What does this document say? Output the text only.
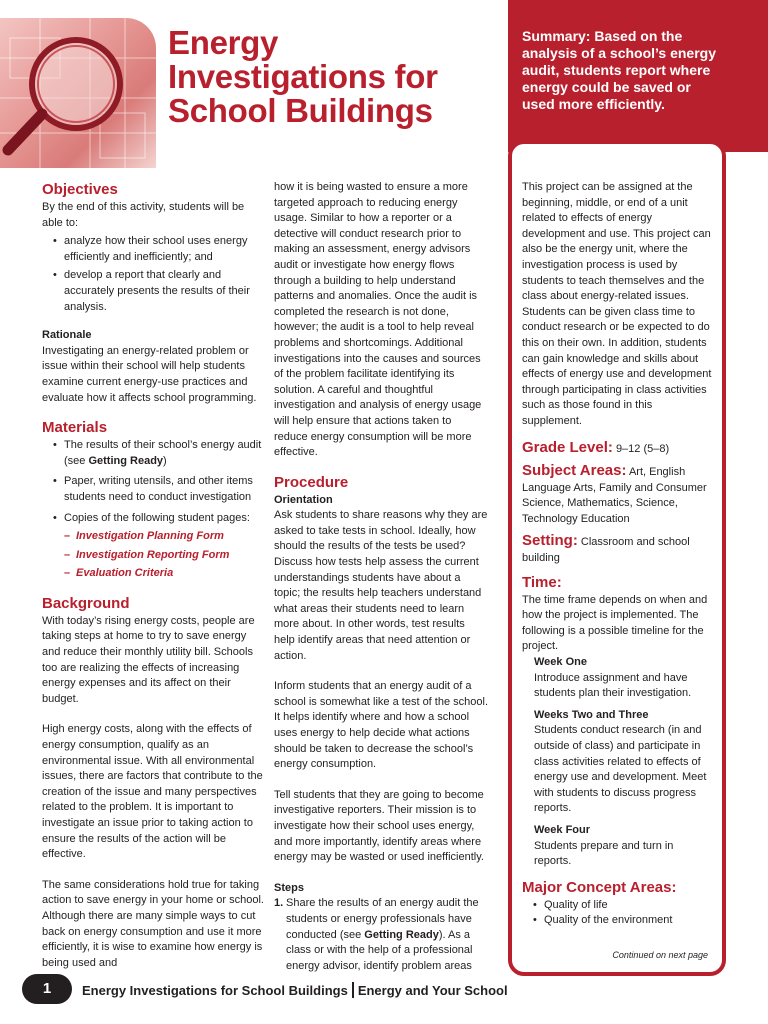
Energy
Investigations for
School Buildings
Summary: Based on the analysis of a school’s energy audit, students report where energy could be saved or used more efficiently.
Objectives

By the end of this activity, students will be able to:

• analyze how their school uses energy efficiently and inefficiently; and

• develop a report that clearly and accurately presents the results of their analysis.

Rationale

Investigating an energy-related problem or issue within their school will help students examine current energy-use practices and evaluate how it affects school programming.

Materials

• The results of their school’s energy audit (see Getting Ready)

• Paper, writing utensils, and other items students need to conduct investigation

• Copies of the following student pages:

– Investigation Planning Form

– Investigation Reporting Form

– Evaluation Criteria

Background

With today’s rising energy costs, people are taking steps at home to try to save energy and reduce their monthly utility bill. Schools too are realizing the effects of increasing energy expenses and its affect on their budget.

High energy costs, along with the effects of energy consumption, qualify as an environmental issue. With all environmental issues, there are factors that contribute to the creation of the issue and many perspectives related to the problem. It is important to investigate an issue prior to taking action to ensure the results of the action will be effective.

The same considerations hold true for taking action to save energy in your home or school. Although there are many simple ways to cut back on energy consumption and use it more efficiently, it is wise to examine how energy is being used and

how it is being wasted to ensure a more targeted approach to reducing energy usage. Similar to how a reporter or a detective will conduct research prior to making an assessment, energy advisors audit or investigate how energy flows through a building to help understand patterns and anomalies. Once the audit is completed the research is not done, however; the audit is a tool to help reveal problems and shortcomings. Additional investigations into the causes and sources of the problem facilitate identifying its solution. A careful and thoughtful investigation and analysis of energy usage will help ensure that actions taken to reduce energy consumption will be more effective.

Procedure
Orientation

Ask students to share reasons why they are asked to take tests in school. Ideally, how should the results of the tests be used? Discuss how tests help assess the current understandings students have about a topic; the results help teachers understand what areas their students need to learn more about. In other words, test results help identify areas that need attention or action.

Inform students that an energy audit of a school is somewhat like a test of the school. It helps identify where and how a school uses energy to help decide what actions should be taken to decrease the school’s energy consumption.

Tell students that they are going to become investigative reporters. Their mission is to investigate how their school uses energy, and more importantly, identify areas where energy may be wasted or used inefficiently.

Steps

1. Share the results of an energy audit the students or energy professionals have conducted (see Getting Ready). As a class or with the help of a professional energy advisor, identify problem areas

This project can be assigned at the beginning, middle, or end of a unit related to effects of energy development and use. This project can also be the energy unit, where the investigation process is used by students to teach themselves and the class about energy-related issues. Students can be given class time to conduct research or be expected to do this on their own. In addition, students can gain knowledge and skills about effects of energy use and development through participating in class activities such as those found in this supplement.

Grade Level: 9–12 (5–8)

Subject Areas: Art, English Language Arts, Family and Consumer Science, Mathematics, Science, Technology Education

Setting: Classroom and school building

Time:

The time frame depends on when and how the project is implemented. The following is a possible timeline for the project.

Week One

Introduce assignment and have students plan their investigation.

Weeks Two and Three

Students conduct research (in and outside of class) and participate in class activities related to effects of energy use and development. Meet with students to discuss progress reports.

Week Four

Students prepare and turn in reports.

Major Concept Areas:

• Quality of life

• Quality of the environment

Continued on next page
1	Energy Investigations for School Buildings Energy and Your School
